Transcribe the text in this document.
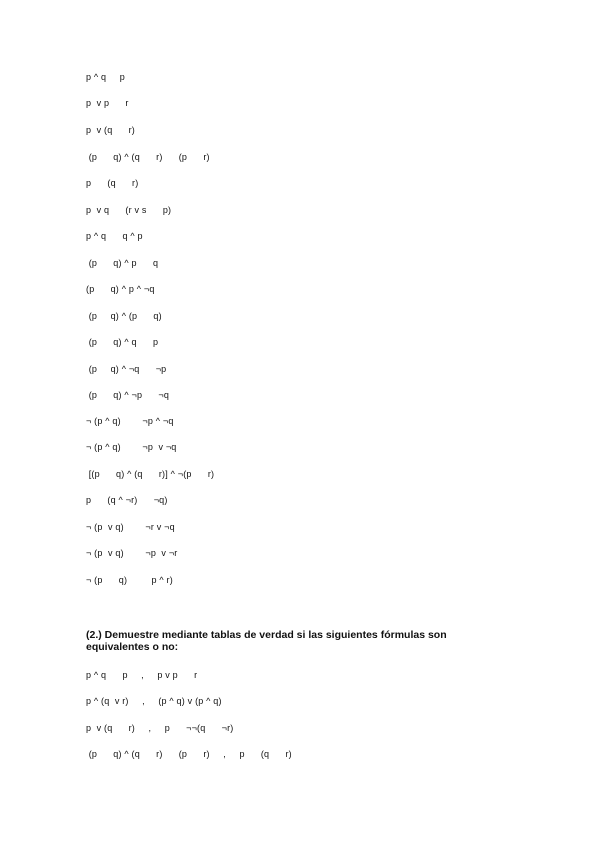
p ^ q     p
p  v p      r
p  v (q      r)
(p      q) ^ (q      r)      (p      r)
p      (q      r)
p  v q      (r v s      p)
p ^ q      q ^ p
(p      q) ^ p      q
(p      q) ^ p ^ ¬q
(p     q) ^ (p      q)
(p      q) ^ q      p
(p     q) ^ ¬q      ¬p
(p      q) ^ ¬p      ¬q
¬ (p ^ q)        ¬p ^ ¬q
¬ (p ^ q)        ¬p  v ¬q
[(p      q) ^ (q      r)] ^ ¬(p      r)
p      (q ^ ¬r)      ¬q)
¬ (p  v q)        ¬r v ¬q
¬ (p  v q)        ¬p  v ¬r
¬ (p      q)         p ^ r)
(2.) Demuestre mediante tablas de verdad si las siguientes fórmulas son equivalentes o no:
p ^ q      p     ,     p v p      r
p ^ (q  v r)     ,     (p ^ q) v (p ^ q)
p  v (q      r)     ,     p      ¬¬(q      ¬r)
(p      q) ^ (q      r)      (p      r)     ,     p      (q      r)
